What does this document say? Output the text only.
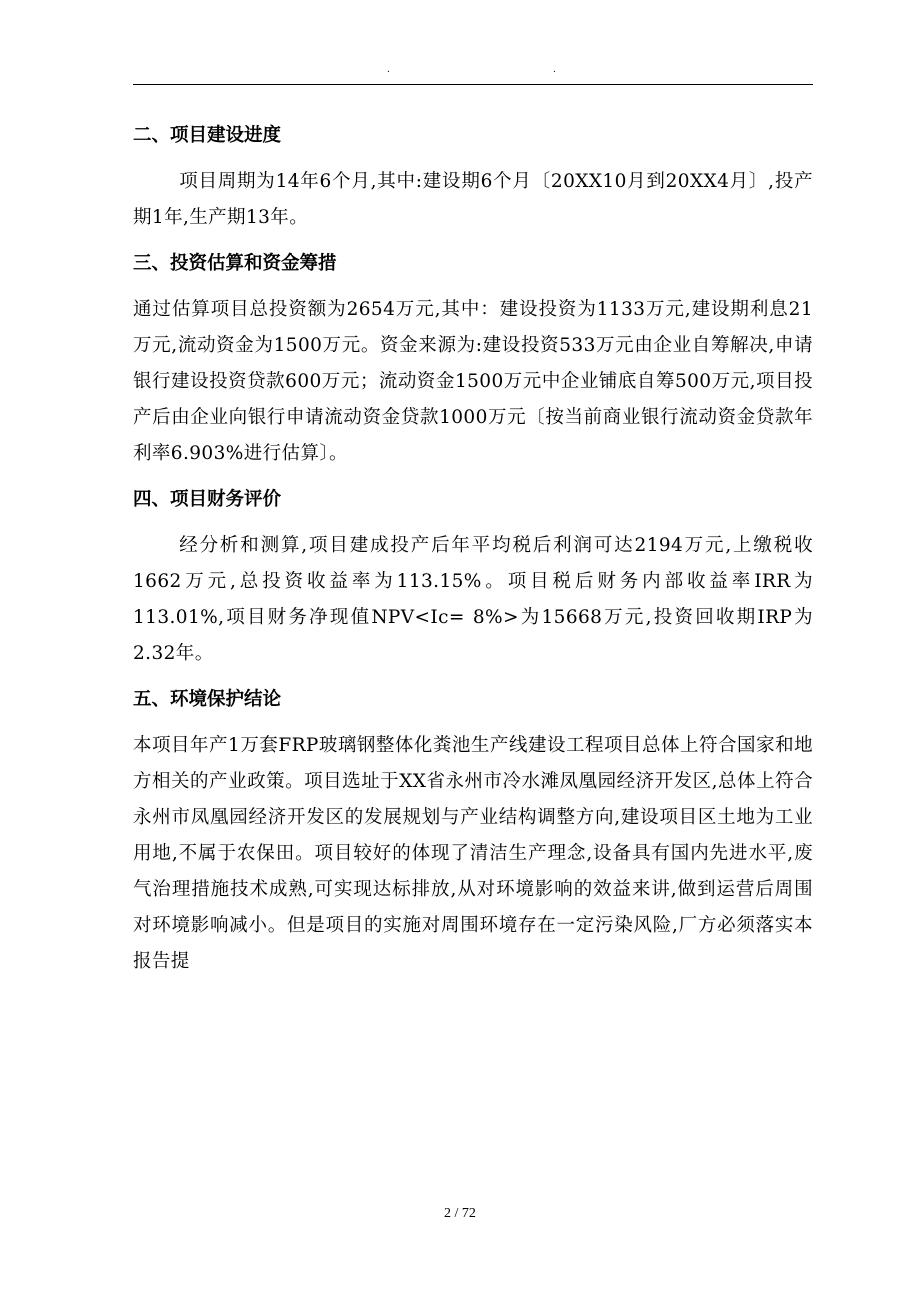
.	.
二、项目建设进度

项目周期为14年6个月,其中:建设期6个月〔20XX10月到20XX4月〕,投产期1年,生产期13年。

三、投资估算和资金筹措

通过估算项目总投资额为2654万元,其中：建设投资为1133万元,建设期利息21万元,流动资金为1500万元。资金来源为:建设投资533万元由企业自筹解决,申请银行建设投资贷款600万元；流动资金1500万元中企业铺底自筹500万元,项目投产后由企业向银行申请流动资金贷款1000万元〔按当前商业银行流动资金贷款年利率6.903%进行估算〕。

四、项目财务评价

经分析和测算,项目建成投产后年平均税后利润可达2194万元,上缴税收1662万元,总投资收益率为113.15%。项目税后财务内部收益率IRR为113.01%,项目财务净现值NPV<Ic= 8%>为15668万元,投资回收期IRP为2.32年。

五、环境保护结论

本项目年产1万套FRP玻璃钢整体化粪池生产线建设工程项目总体上符合国家和地方相关的产业政策。项目选址于XX省永州市冷水滩凤凰园经济开发区,总体上符合永州市凤凰园经济开发区的发展规划与产业结构调整方向,建设项目区土地为工业用地,不属于农保田。项目较好的体现了清洁生产理念,设备具有国内先进水平,废气治理措施技术成熟,可实现达标排放,从对环境影响的效益来讲,做到运营后周围对环境影响减小。但是项目的实施对周围环境存在一定污染风险,厂方必须落实本报告提

2 / 72
